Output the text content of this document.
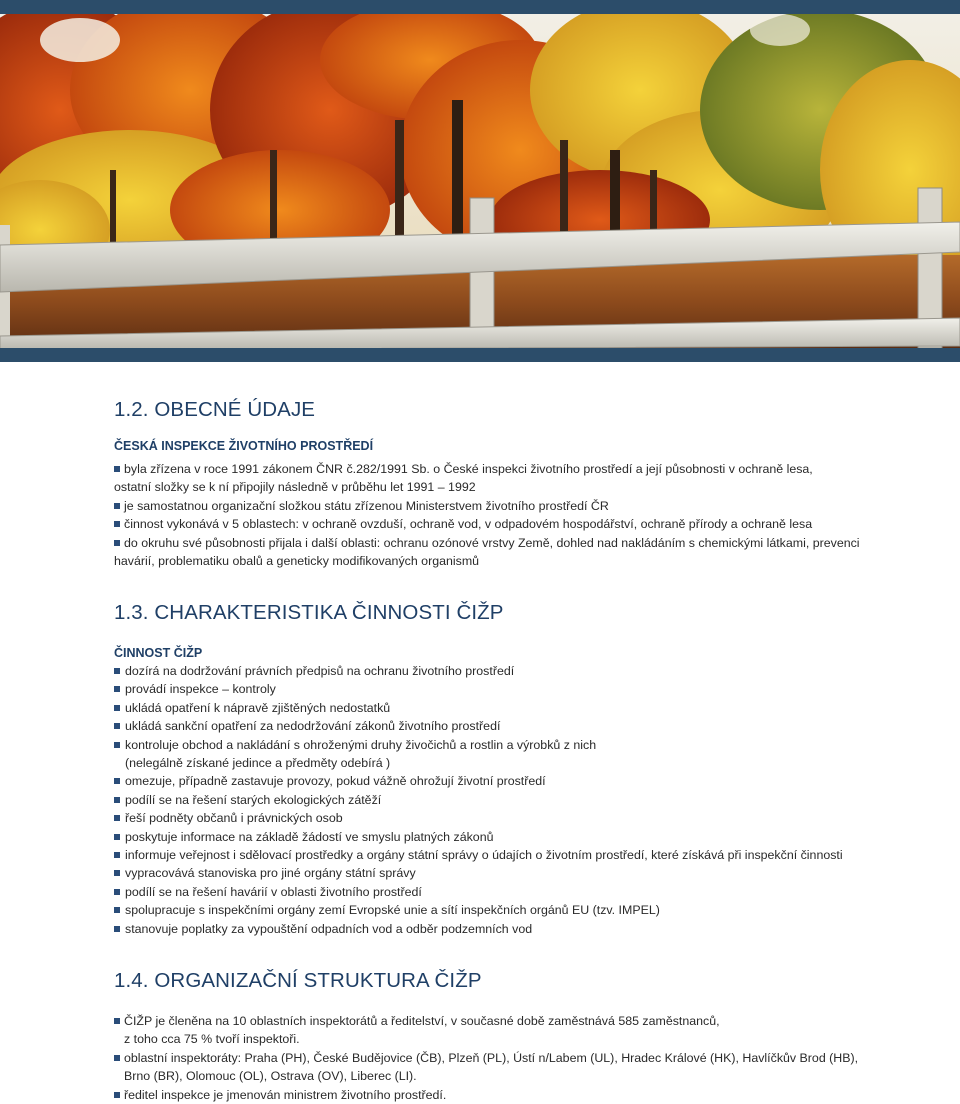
1.2. OBECNÉ ÚDAJE
ČESKÁ INSPEKCE ŽIVOTNÍHO PROSTŘEDÍ
byla zřízena v roce 1991 zákonem ČNR č.282/1991 Sb. o České inspekci životního prostředí a její působnosti v ochraně lesa,
ostatní složky se k ní připojily následně v průběhu let 1991 – 1992
je samostatnou organizační složkou státu zřízenou Ministerstvem životního prostředí ČR
činnost vykonává v 5 oblastech: v ochraně ovzduší, ochraně vod, v odpadovém hospodářství, ochraně přírody a ochraně lesa
do okruhu své působnosti přijala i další oblasti: ochranu ozónové vrstvy Země, dohled nad nakládáním s chemickými látkami, prevenci
havárií, problematiku obalů a geneticky modifikovaných organismů
1.3. CHARAKTERISTIKA ČINNOSTI ČIŽP
ČINNOST ČIŽP
dozírá na dodržování právních předpisů na ochranu životního prostředí
provádí inspekce – kontroly
ukládá opatření k nápravě zjištěných nedostatků
ukládá sankční opatření za nedodržování zákonů životního prostředí
kontroluje obchod a nakládání s ohroženými druhy živočichů a rostlin a výrobků z nich
(nelegálně získané jedince a předměty odebírá )
omezuje, případně zastavuje provozy, pokud vážně ohrožují životní prostředí
podílí se na řešení starých ekologických zátěží
řeší podněty občanů i právnických osob
poskytuje informace na základě žádostí ve smyslu platných zákonů
informuje veřejnost i sdělovací prostředky a orgány státní správy o údajích o životním prostředí, které získává při inspekční činnosti
vypracovává stanoviska pro jiné orgány státní správy
podílí se na řešení havárií v oblasti životního prostředí
spolupracuje s inspekčními orgány zemí Evropské unie a sítí inspekčních orgánů EU (tzv. IMPEL)
stanovuje poplatky za vypouštění odpadních vod a odběr podzemních vod
1.4. ORGANIZAČNÍ STRUKTURA ČIŽP
ČIŽP je členěna na 10 oblastních inspektorátů a ředitelství, v současné době zaměstnává 585 zaměstnanců,
z toho cca 75 % tvoří inspektoři.
oblastní inspektoráty: Praha (PH), České Budějovice (ČB), Plzeň (PL), Ústí n/Labem (UL), Hradec Králové (HK), Havlíčkův Brod (HB),
Brno (BR), Olomouc (OL), Ostrava (OV), Liberec (LI).
ředitel inspekce je jmenován ministrem životního prostředí.
